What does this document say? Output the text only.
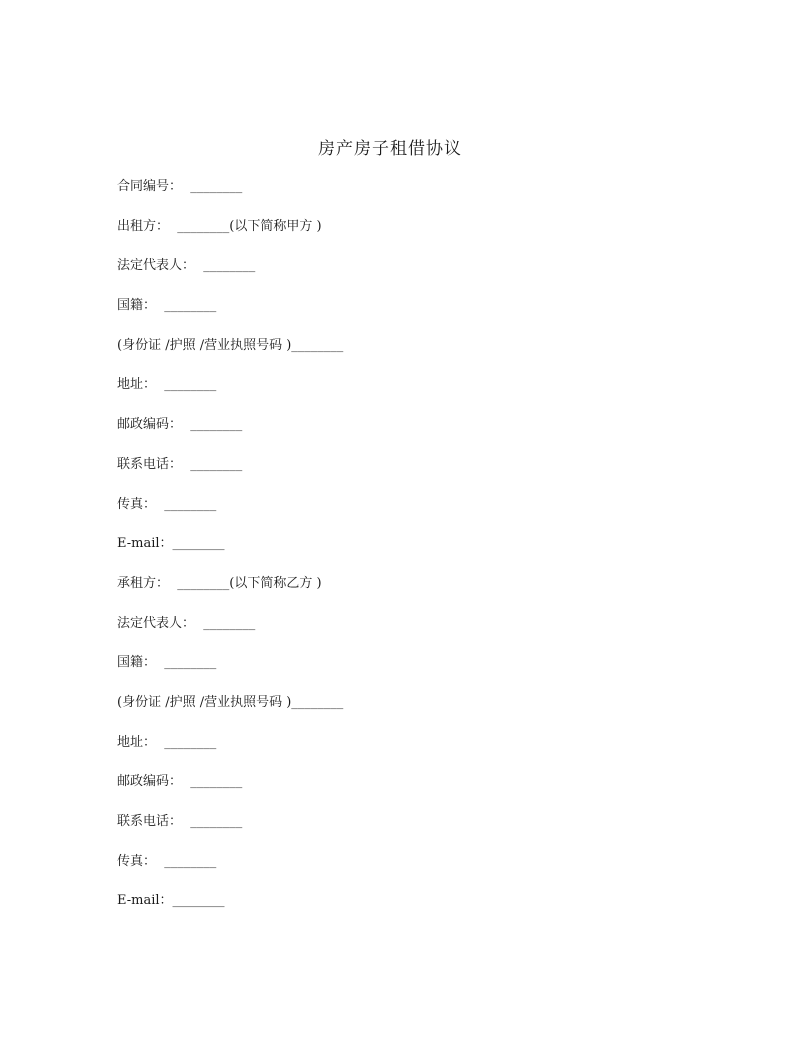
房产房子租借协议
合同编号：  ________
出租方：  ________(以下简称甲方 )
法定代表人：  ________
国籍：  ________
(身份证 /护照 /营业执照号码 )________
地址：  ________
邮政编码：  ________
联系电话：  ________
传真：  ________
E-mail：________
承租方：  ________(以下简称乙方 )
法定代表人：  ________
国籍：  ________
(身份证 /护照 /营业执照号码 )________
地址：  ________
邮政编码：  ________
联系电话：  ________
传真：  ________
E-mail：________
